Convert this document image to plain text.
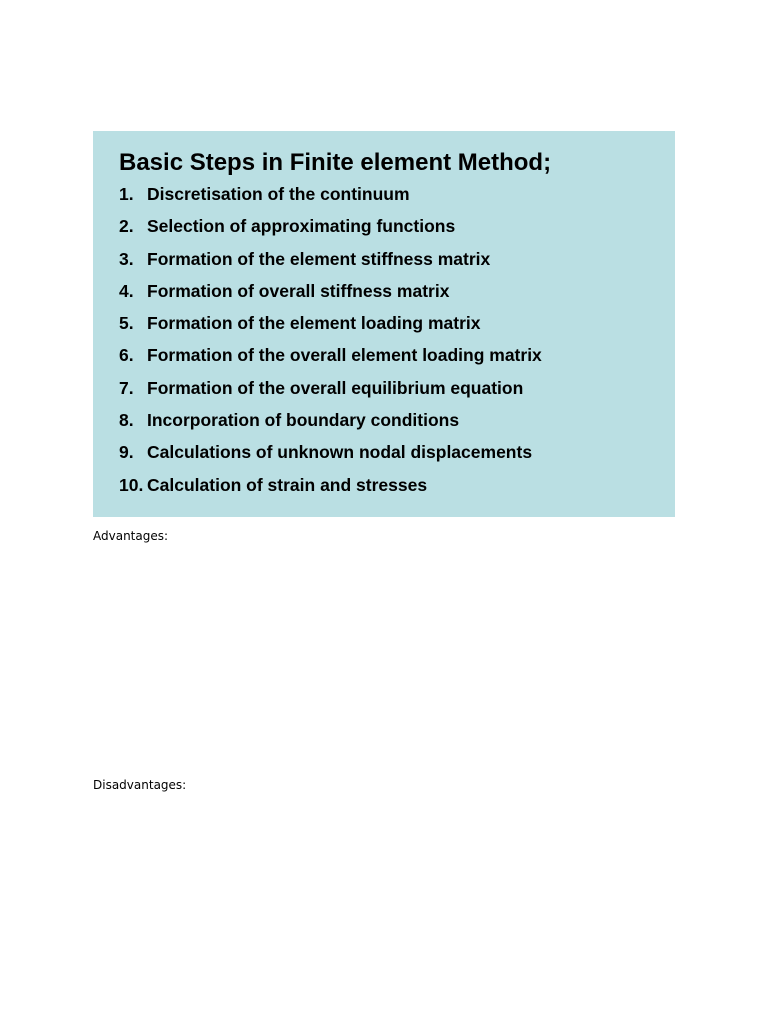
Basic Steps in Finite element Method;
1. Discretisation of the continuum
2. Selection of approximating functions
3. Formation of the element stiffness matrix
4. Formation of overall stiffness matrix
5. Formation of the element loading matrix
6. Formation of the overall element loading matrix
7. Formation of the overall equilibrium equation
8. Incorporation of boundary conditions
9. Calculations of unknown nodal displacements
10. Calculation of strain and stresses
Advantages:
Disadvantages:
